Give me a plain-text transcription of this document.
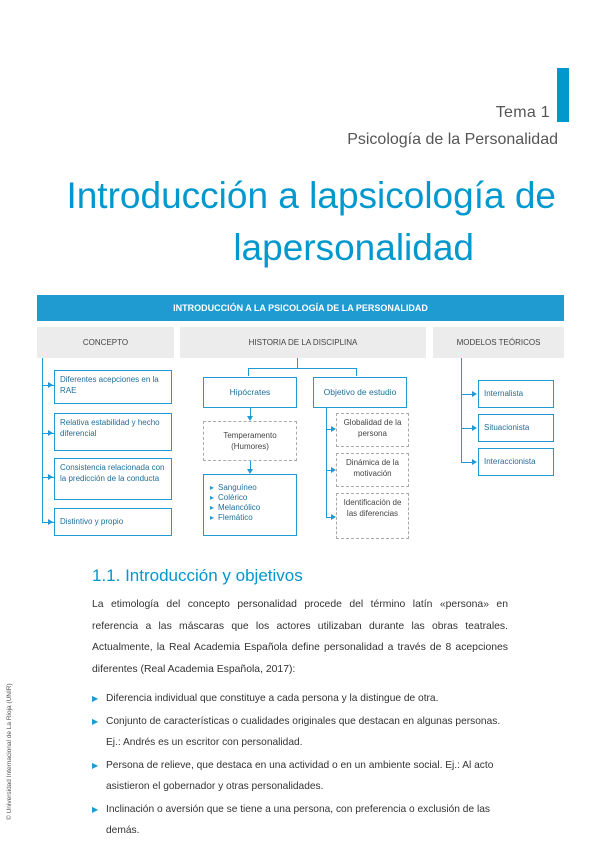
Tema 1
Psicología de la Personalidad
Introducción a lapsicología de
lapersonalidad
INTRODUCCIÓN A LA PSICOLOGÍA DE LA PERSONALIDAD
CONCEPTO	HISTORIA DE LA DISCIPLINA	MODELOS TEÓRICOS
Diferentes acepciones en la RAE
Relativa estabilidad y hecho diferencial
Consistencia relacionada con la predicción de la conducta
Distintivo y propio
Hipócrates	Objetivo de estudio
Temperamento (Humores)
▸ Sanguíneo
▸ Colérico
▸ Melancólico
▸ Flemático
Globalidad de la persona
Dinámica de la motivación
Identificación de las diferencias
Internalista
Situacionista
Interaccionista
1.1. Introducción y objetivos
La etimología del concepto personalidad procede del término latín «persona» en referencia a las máscaras que los actores utilizaban durante las obras teatrales. Actualmente, la Real Academia Española define personalidad a través de 8 acepciones diferentes (Real Academia Española, 2017):
▶ Diferencia individual que constituye a cada persona y la distingue de otra.
▶ Conjunto de características o cualidades originales que destacan en algunas personas. Ej.: Andrés es un escritor con personalidad.
▶ Persona de relieve, que destaca en una actividad o en un ambiente social. Ej.: Al acto asistieron el gobernador y otras personalidades.
▶ Inclinación o aversión que se tiene a una persona, con preferencia o exclusión de las demás.
© Universidad Internacional de La Rioja (UNIR)
